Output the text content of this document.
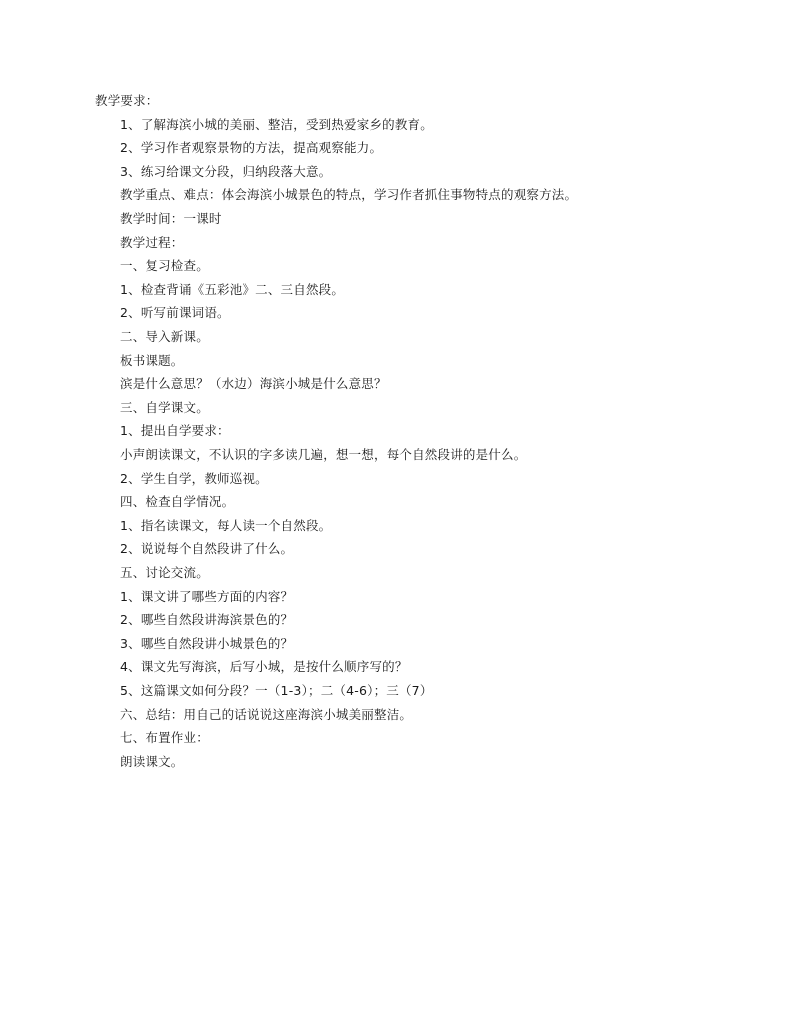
教学要求：
1、了解海滨小城的美丽、整洁，受到热爱家乡的教育。
2、学习作者观察景物的方法，提高观察能力。
3、练习给课文分段，归纳段落大意。
教学重点、难点：体会海滨小城景色的特点，学习作者抓住事物特点的观察方法。
教学时间：一课时
教学过程：
一、复习检查。
1、检查背诵《五彩池》二、三自然段。
2、听写前课词语。
二、导入新课。
板书课题。
滨是什么意思？（水边）海滨小城是什么意思？
三、自学课文。
1、提出自学要求：
小声朗读课文，不认识的字多读几遍，想一想，每个自然段讲的是什么。
2、学生自学，教师巡视。
四、检查自学情况。
1、指名读课文，每人读一个自然段。
2、说说每个自然段讲了什么。
五、讨论交流。
1、课文讲了哪些方面的内容？
2、哪些自然段讲海滨景色的？
3、哪些自然段讲小城景色的？
4、课文先写海滨，后写小城，是按什么顺序写的？
5、这篇课文如何分段？一（1-3）；二（4-6）；三（7）
六、总结：用自己的话说说这座海滨小城美丽整洁。
七、布置作业：
朗读课文。
